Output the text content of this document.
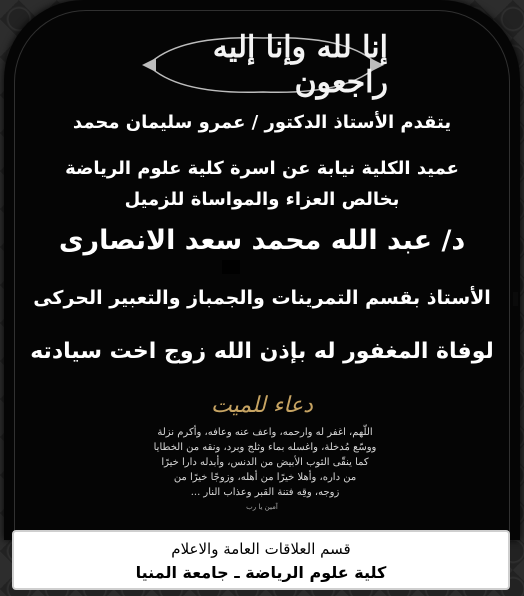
إنا لله وإنا إليه راجعون
يتقدم الأستاذ الدكتور / عمرو سليمان محمد
عميد الكلية نيابة عن اسرة كلية علوم الرياضة
بخالص العزاء والمواساة للزميل
د/ عبد الله محمد سعد الانصارى
الأستاذ بقسم التمرينات والجمباز والتعبير الحركى
لوفاة المغفور له بإذن الله زوج اخت سيادته
دعاء للميت
اللّهم، اغفر له وارحمه، واعف عنه وعافه، وأكرم نزلة
ووسّع مُدخلة، واغسله بماء وثلج وبرد، ونقه من الخطايا
كما ينقّى الثوب الأبيض من الدنس، وأبدله دارا خيرًا
من داره، وأهلا خيرًا من أهله، وزوجًا خيرًا من
زوجه، وقِه فتنة القبر وعذاب النار ...
آمين يا رب
قسم العلاقات العامة والاعلام
كلية علوم الرياضة ـ جامعة المنيا
